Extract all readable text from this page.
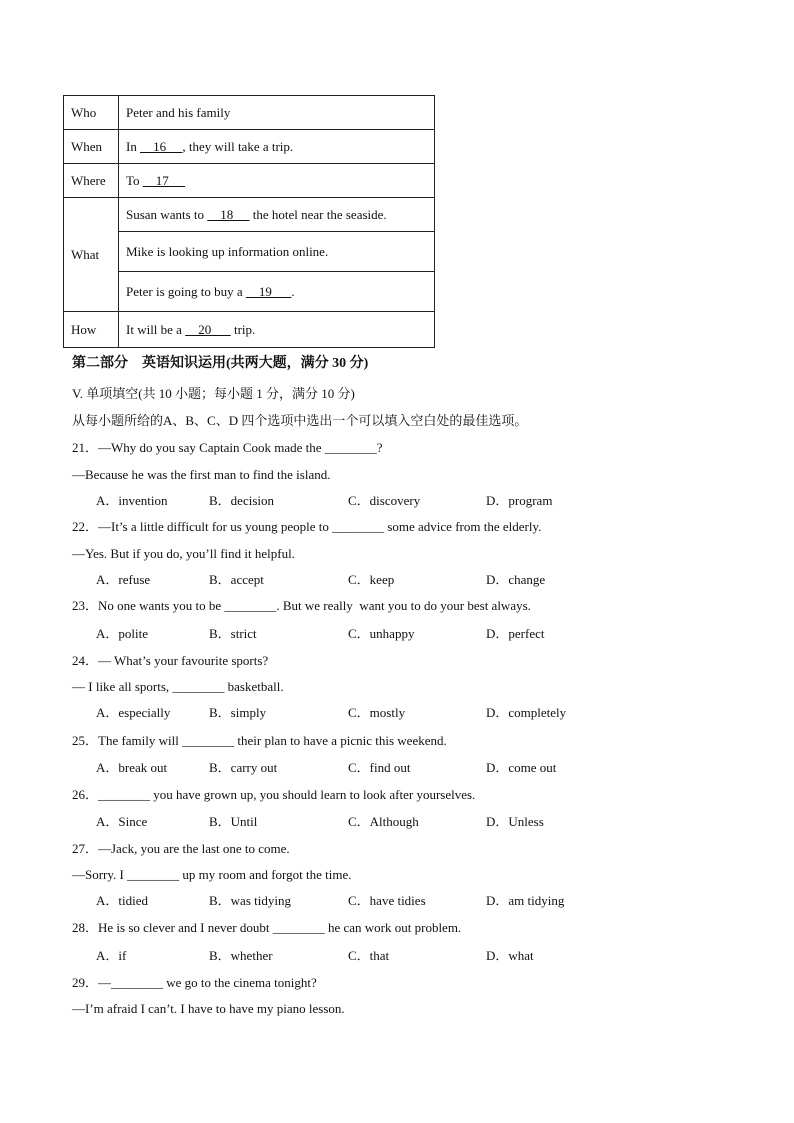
Who	Peter and his family
When	In     16     , they will take a trip.
Where	To     17
What	Susan wants to     18      the hotel near the seaside.
	Mike is looking up information online.
	Peter is going to buy a     19      .
How	It will be a     20       trip.
第二部分　英语知识运用(共两大题，满分 30 分)
V. 单项填空(共 10 小题；每小题 1 分，满分 10 分)
从每小题所给的A、B、C、D 四个选项中选出一个可以填入空白处的最佳选项。
21．—Why do you say Captain Cook made the ________?
—Because he was the first man to find the island.
A．invention	B．decision	C．discovery	D．program
22．—It’s a little difficult for us young people to ________ some advice from the elderly.
—Yes. But if you do, you’ll find it helpful.
A．refuse	B．accept	C．keep	D．change
23．No one wants you to be ________. But we really  want you to do your best always.
A．polite	B．strict	C．unhappy	D．perfect
24．— What’s your favourite sports?
— I like all sports, ________ basketball.
A．especially	B．simply	C．mostly	D．completely
25．The family will ________ their plan to have a picnic this weekend.
A．break out	B．carry out	C．find out	D．come out
26．________ you have grown up, you should learn to look after yourselves.
A．Since	B．Until	C．Although	D．Unless
27．—Jack, you are the last one to come.
—Sorry. I ________ up my room and forgot the time.
A．tidied	B．was tidying	C．have tidies	D．am tidying
28．He is so clever and I never doubt ________ he can work out problem.
A．if	B．whether	C．that	D．what
29．—________ we go to the cinema tonight?
—I’m afraid I can’t. I have to have my piano lesson.
